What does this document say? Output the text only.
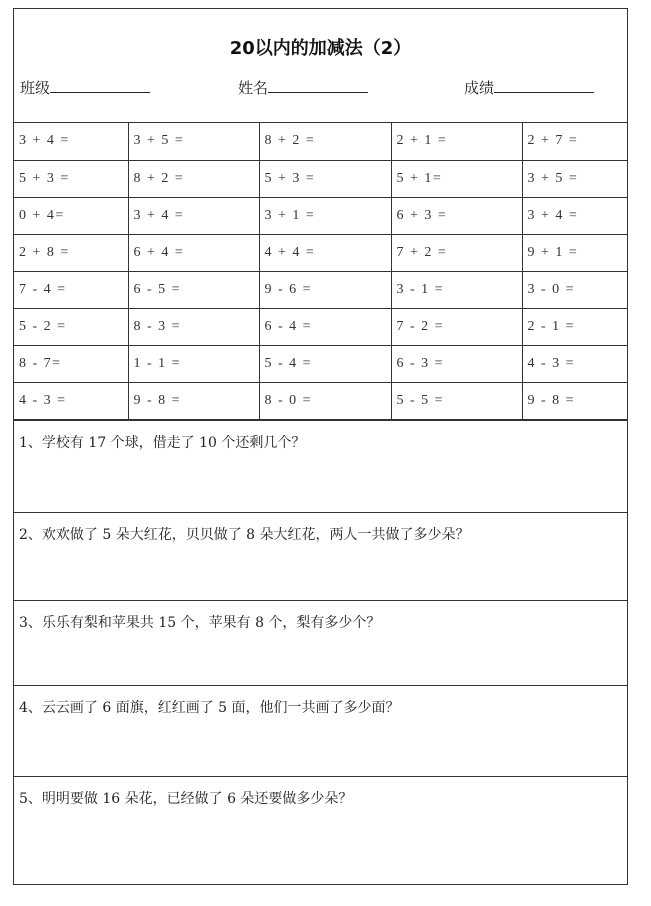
20以内的加减法（2）
班级	姓名	成绩
3 + 4 =	3 + 5 =	8 + 2 =	2 + 1 =	2 + 7 =
5 + 3 =	8 + 2 =	5 + 3 =	5 + 1=	3 + 5 =
0 + 4=	3 + 4 =	3 + 1 =	6 + 3 =	3 + 4 =
2 + 8 =	6 + 4 =	4 + 4 =	7 + 2 =	9 + 1 =
7 - 4 =	6 - 5 =	9 - 6 =	3 - 1 =	3 - 0 =
5 - 2 =	8 - 3 =	6 - 4 =	7 - 2 =	2 - 1 =
8 - 7=	1 - 1 =	5 - 4 =	6 - 3 =	4 - 3 =
4 - 3 =	9 - 8 =	8 - 0 =	5 - 5 =	9 - 8 =
1、学校有 17 个球，借走了 10 个还剩几个？
2、欢欢做了 5 朵大红花，贝贝做了 8 朵大红花，两人一共做了多少朵？
3、乐乐有梨和苹果共 15 个，苹果有 8 个，梨有多少个？
4、云云画了 6 面旗，红红画了 5 面，他们一共画了多少面？
5、明明要做 16 朵花，已经做了 6 朵还要做多少朵？
